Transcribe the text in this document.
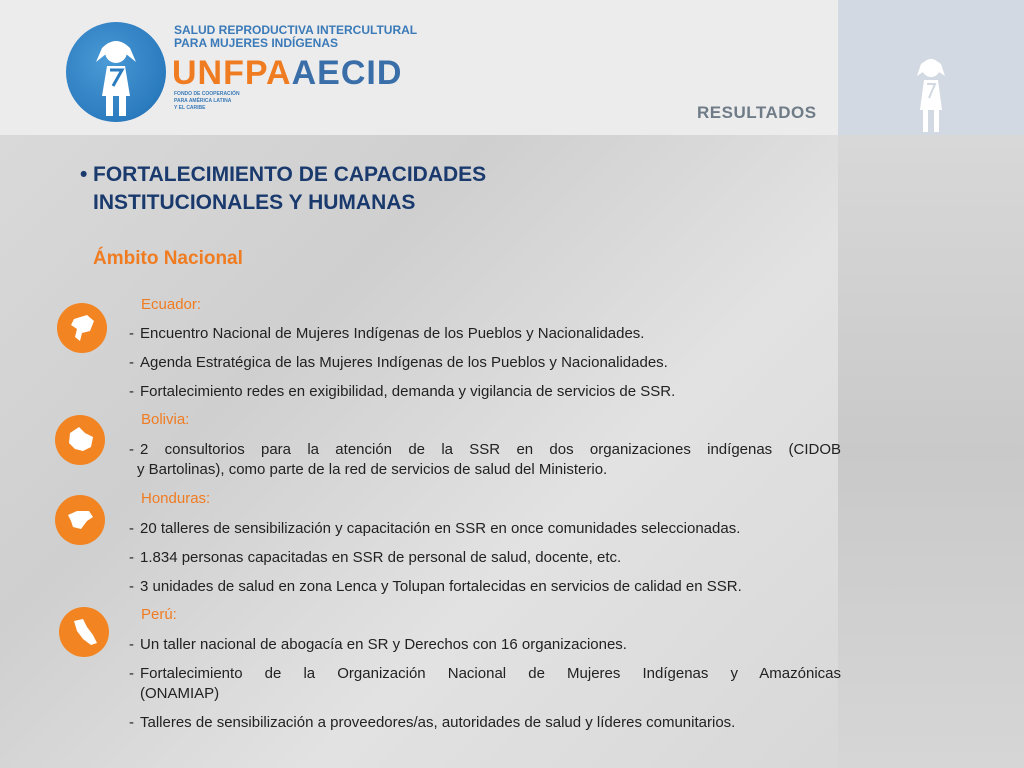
SALUD REPRODUCTIVA INTERCULTURAL
PARA MUJERES INDÍGENAS
UNFPAAECID
FONDO DE COOPERACIÓN
PARA AMÉRICA LATINA
Y EL CARIBE	RESULTADOS
• FORTALECIMIENTO DE CAPACIDADES INSTITUCIONALES Y HUMANAS
Ámbito Nacional
Ecuador:
- Encuentro Nacional de Mujeres Indígenas de los Pueblos y Nacionalidades.
- Agenda Estratégica de las Mujeres Indígenas de los Pueblos y Nacionalidades.
- Fortalecimiento redes en exigibilidad, demanda y vigilancia de servicios de SSR.
Bolivia:
- 2 consultorios para la atención de la SSR en dos organizaciones indígenas (CIDOB
y Bartolinas), como parte de la red de servicios de salud del Ministerio.
Honduras:
- 20 talleres de sensibilización y capacitación en SSR en once comunidades seleccionadas.
- 1.834 personas capacitadas en SSR de personal de salud, docente, etc.
- 3 unidades de salud en zona Lenca y Tolupan fortalecidas en servicios de calidad en SSR.
Perú:
- Un taller nacional de abogacía en SR y Derechos con 16 organizaciones.
- Fortalecimiento de la Organización Nacional de Mujeres Indígenas y Amazónicas
(ONAMIAP)
- Talleres de sensibilización a proveedores/as, autoridades de salud y líderes comunitarios.
